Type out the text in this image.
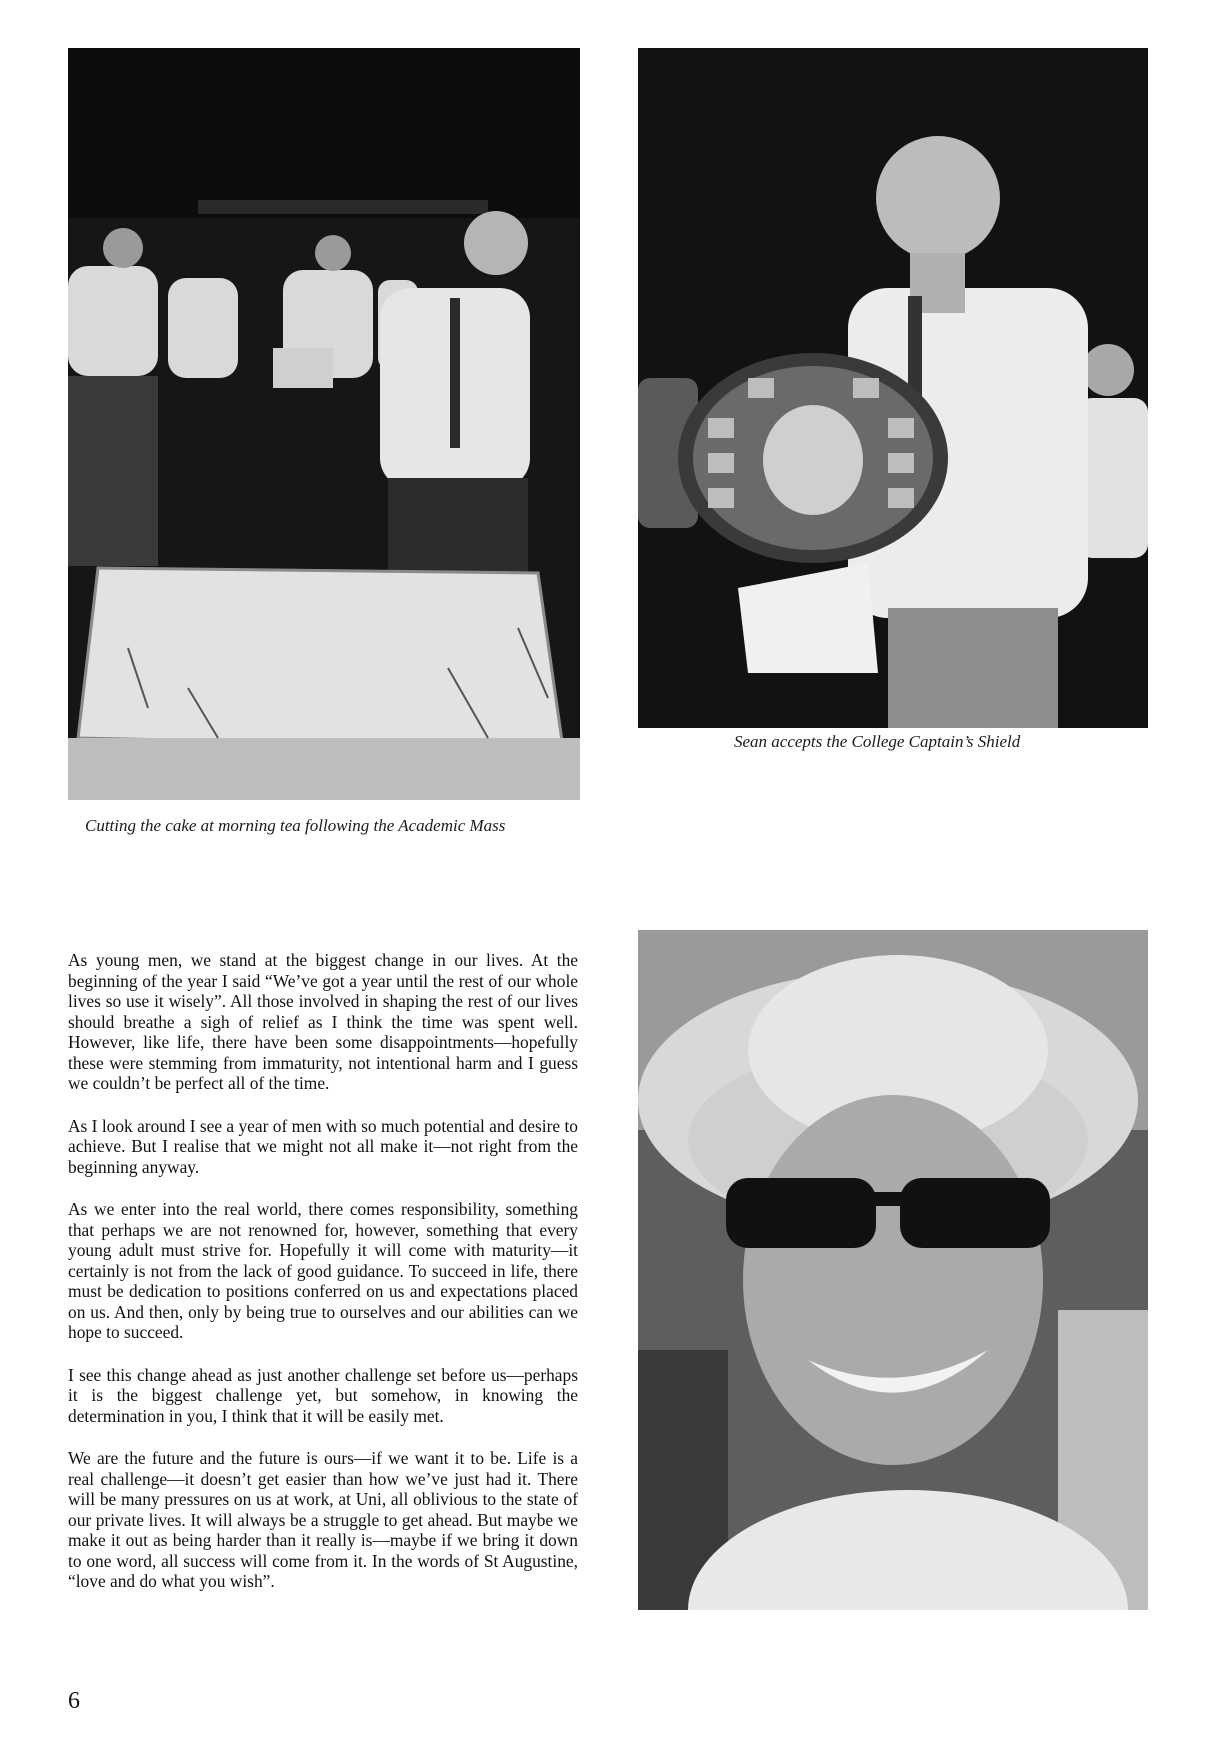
Cutting the cake at morning tea following the Academic Mass
Sean accepts the College Captain’s Shield

As young men, we stand at the biggest change in our lives. At the beginning of the year I said “We’ve got a year until the rest of our whole lives so use it wisely”. All those involved in shaping the rest of our lives should breathe a sigh of relief as I think the time was spent well. However, like life, there have been some disappointments—hopefully these were stemming from immaturity, not intentional harm and I guess we couldn’t be perfect all of the time.

As I look around I see a year of men with so much potential and desire to achieve. But I realise that we might not all make it—not right from the beginning anyway.

As we enter into the real world, there comes responsibility, something that perhaps we are not renowned for, however, something that every young adult must strive for. Hopefully it will come with maturity—it certainly is not from the lack of good guidance. To succeed in life, there must be dedication to positions conferred on us and expectations placed on us. And then, only by being true to ourselves and our abilities can we hope to succeed.

I see this change ahead as just another challenge set before us—perhaps it is the biggest challenge yet, but somehow, in knowing the determination in you, I think that it will be easily met.

We are the future and the future is ours—if we want it to be. Life is a real challenge—it doesn’t get easier than how we’ve just had it. There will be many pressures on us at work, at Uni, all oblivious to the state of our private lives. It will always be a struggle to get ahead. But maybe we make it out as being harder than it really is—maybe if we bring it down to one word, all success will come from it. In the words of St Augustine, “love and do what you wish”.

6
